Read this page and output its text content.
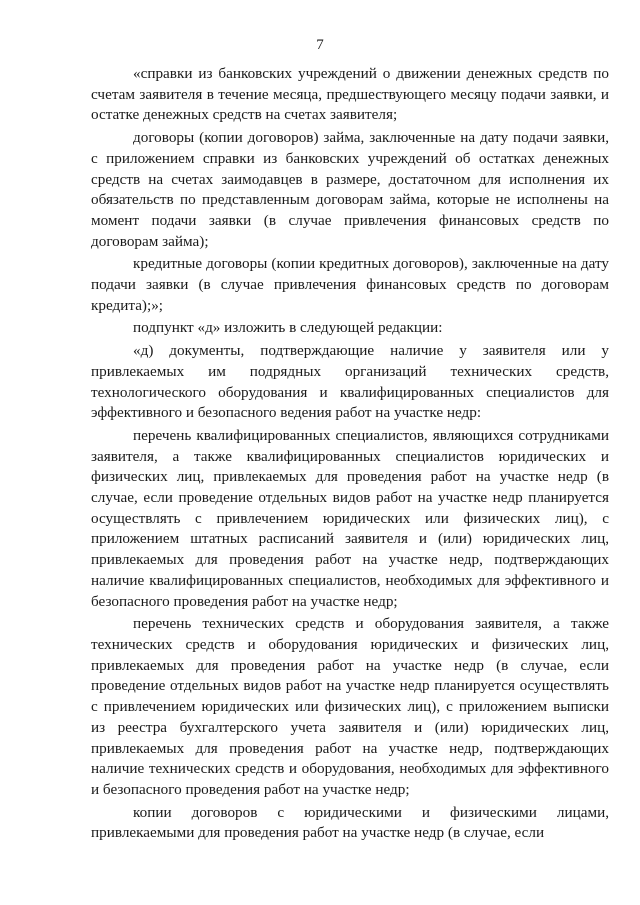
7

«справки из банковских учреждений о движении денежных средств по счетам заявителя в течение месяца, предшествующего месяцу подачи заявки, и остатке денежных средств на счетах заявителя;

договоры (копии договоров) займа, заключенные на дату подачи заявки, с приложением справки из банковских учреждений об остатках денежных средств на счетах заимодавцев в размере, достаточном для исполнения их обязательств по представленным договорам займа, которые не исполнены на момент подачи заявки (в случае привлечения финансовых средств по договорам займа);

кредитные договоры (копии кредитных договоров), заключенные на дату подачи заявки (в случае привлечения финансовых средств по договорам кредита);»;

подпункт «д» изложить в следующей редакции:

«д) документы, подтверждающие наличие у заявителя или у привлекаемых им подрядных организаций технических средств, технологического оборудования и квалифицированных специалистов для эффективного и безопасного ведения работ на участке недр:

перечень квалифицированных специалистов, являющихся сотрудниками заявителя, а также квалифицированных специалистов юридических и физических лиц, привлекаемых для проведения работ на участке недр (в случае, если проведение отдельных видов работ на участке недр планируется осуществлять с привлечением юридических или физических лиц), с приложением штатных расписаний заявителя и (или) юридических лиц, привлекаемых для проведения работ на участке недр, подтверждающих наличие квалифицированных специалистов, необходимых для эффективного и безопасного проведения работ на участке недр;

перечень технических средств и оборудования заявителя, а также технических средств и оборудования юридических и физических лиц, привлекаемых для проведения работ на участке недр (в случае, если проведение отдельных видов работ на участке недр планируется осуществлять с привлечением юридических или физических лиц), с приложением выписки из реестра бухгалтерского учета заявителя и (или) юридических лиц, привлекаемых для проведения работ на участке недр, подтверждающих наличие технических средств и оборудования, необходимых для эффективного и безопасного проведения работ на участке недр;

копии договоров с юридическими и физическими лицами, привлекаемыми для проведения работ на участке недр (в случае, если
